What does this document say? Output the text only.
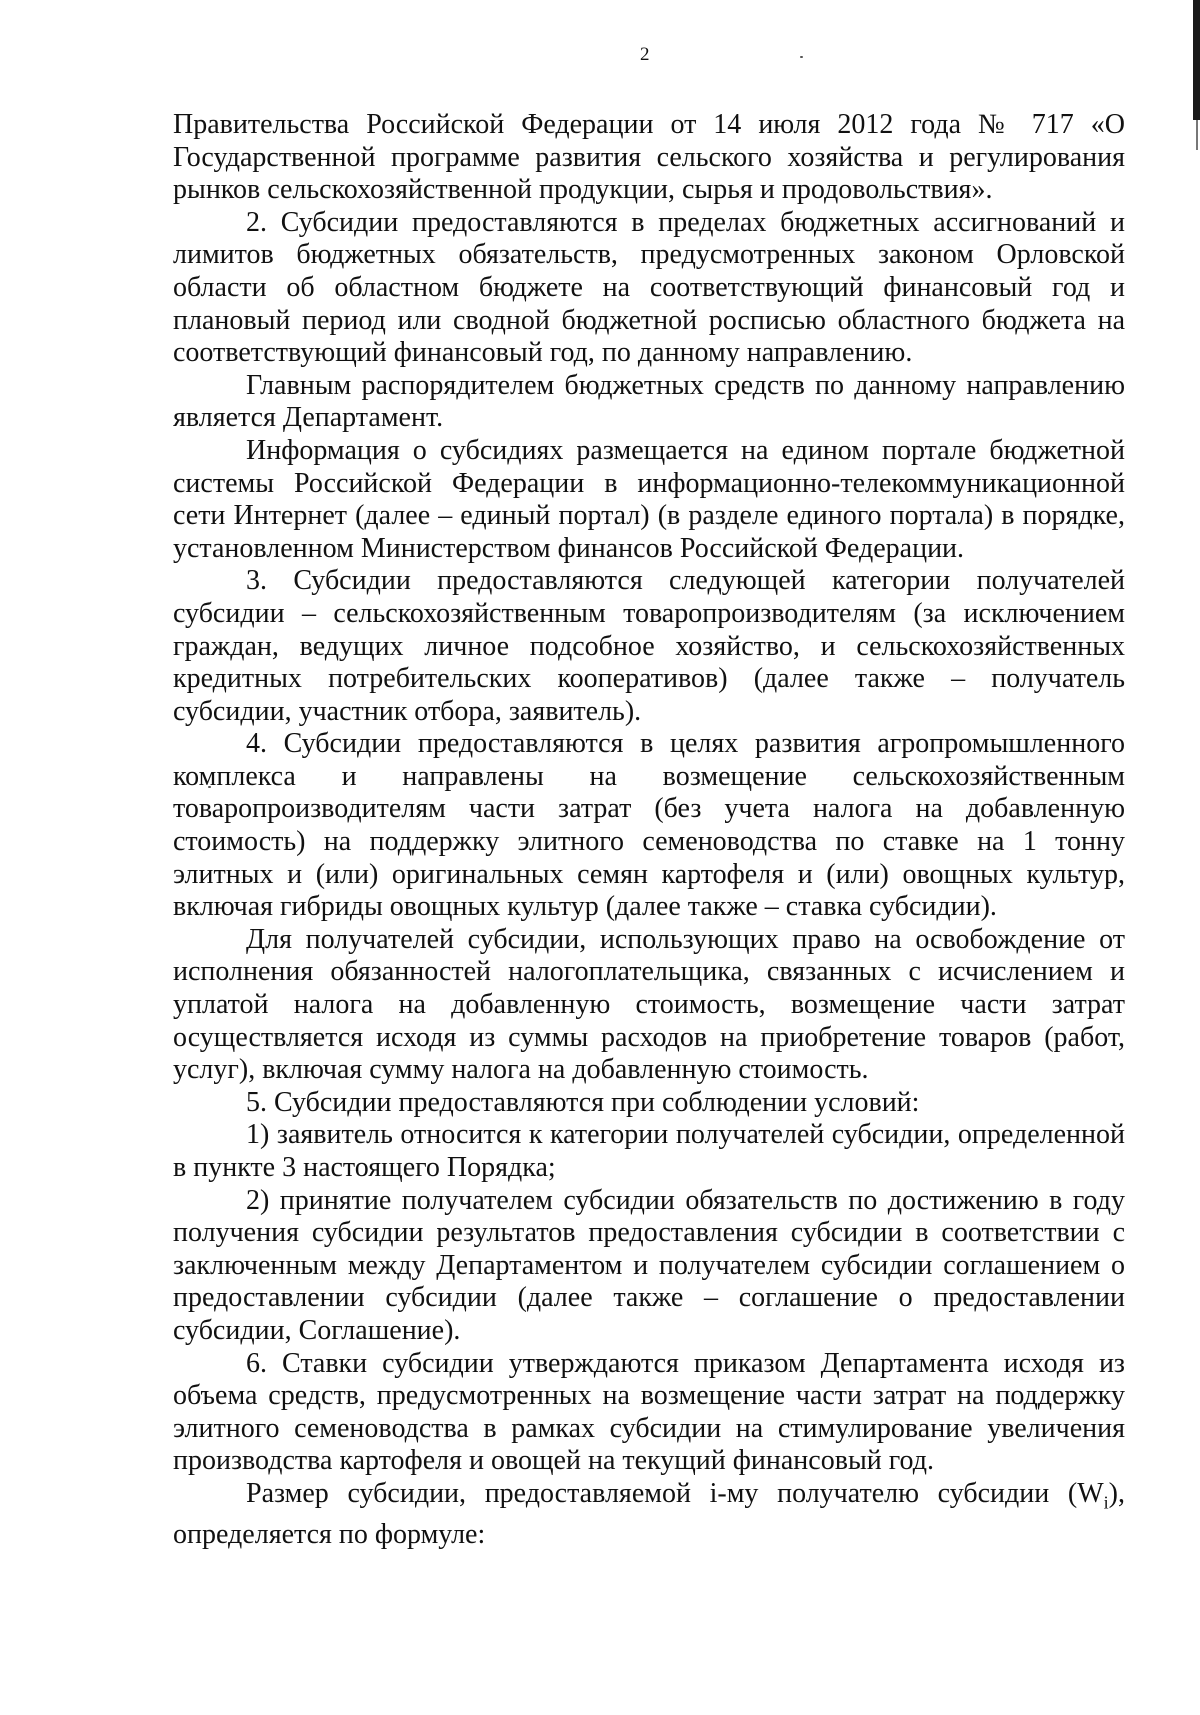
2

Правительства Российской Федерации от 14 июля 2012 года № 717 «О Государственной программе развития сельского хозяйства и регулирования рынков сельскохозяйственной продукции, сырья и продовольствия».

2. Субсидии предоставляются в пределах бюджетных ассигнований и лимитов бюджетных обязательств, предусмотренных законом Орловской области об областном бюджете на соответствующий финансовый год и плановый период или сводной бюджетной росписью областного бюджета на соответствующий финансовый год, по данному направлению.

Главным распорядителем бюджетных средств по данному направлению является Департамент.

Информация о субсидиях размещается на едином портале бюджетной системы Российской Федерации в информационно-телекоммуникационной сети Интернет (далее – единый портал) (в разделе единого портала) в порядке, установленном Министерством финансов Российской Федерации.

3. Субсидии предоставляются следующей категории получателей субсидии – сельскохозяйственным товаропроизводителям (за исключением граждан, ведущих личное подсобное хозяйство, и сельскохозяйственных кредитных потребительских кооперативов) (далее также – получатель субсидии, участник отбора, заявитель).

4. Субсидии предоставляются в целях развития агропромышленного комплекса и направлены на возмещение сельскохозяйственным товаропроизводителям части затрат (без учета налога на добавленную стоимость) на поддержку элитного семеноводства по ставке на 1 тонну элитных и (или) оригинальных семян картофеля и (или) овощных культур, включая гибриды овощных культур (далее также – ставка субсидии).

Для получателей субсидии, использующих право на освобождение от исполнения обязанностей налогоплательщика, связанных с исчислением и уплатой налога на добавленную стоимость, возмещение части затрат осуществляется исходя из суммы расходов на приобретение товаров (работ, услуг), включая сумму налога на добавленную стоимость.

5. Субсидии предоставляются при соблюдении условий:

1) заявитель относится к категории получателей субсидии, определенной в пункте 3 настоящего Порядка;

2) принятие получателем субсидии обязательств по достижению в году получения субсидии результатов предоставления субсидии в соответствии с заключенным между Департаментом и получателем субсидии соглашением о предоставлении субсидии (далее также – соглашение о предоставлении субсидии, Соглашение).

6. Ставки субсидии утверждаются приказом Департамента исходя из объема средств, предусмотренных на возмещение части затрат на поддержку элитного семеноводства в рамках субсидии на стимулирование увеличения производства картофеля и овощей на текущий финансовый год.

Размер субсидии, предоставляемой i-му получателю субсидии $(W_i)$, определяется по формуле:
